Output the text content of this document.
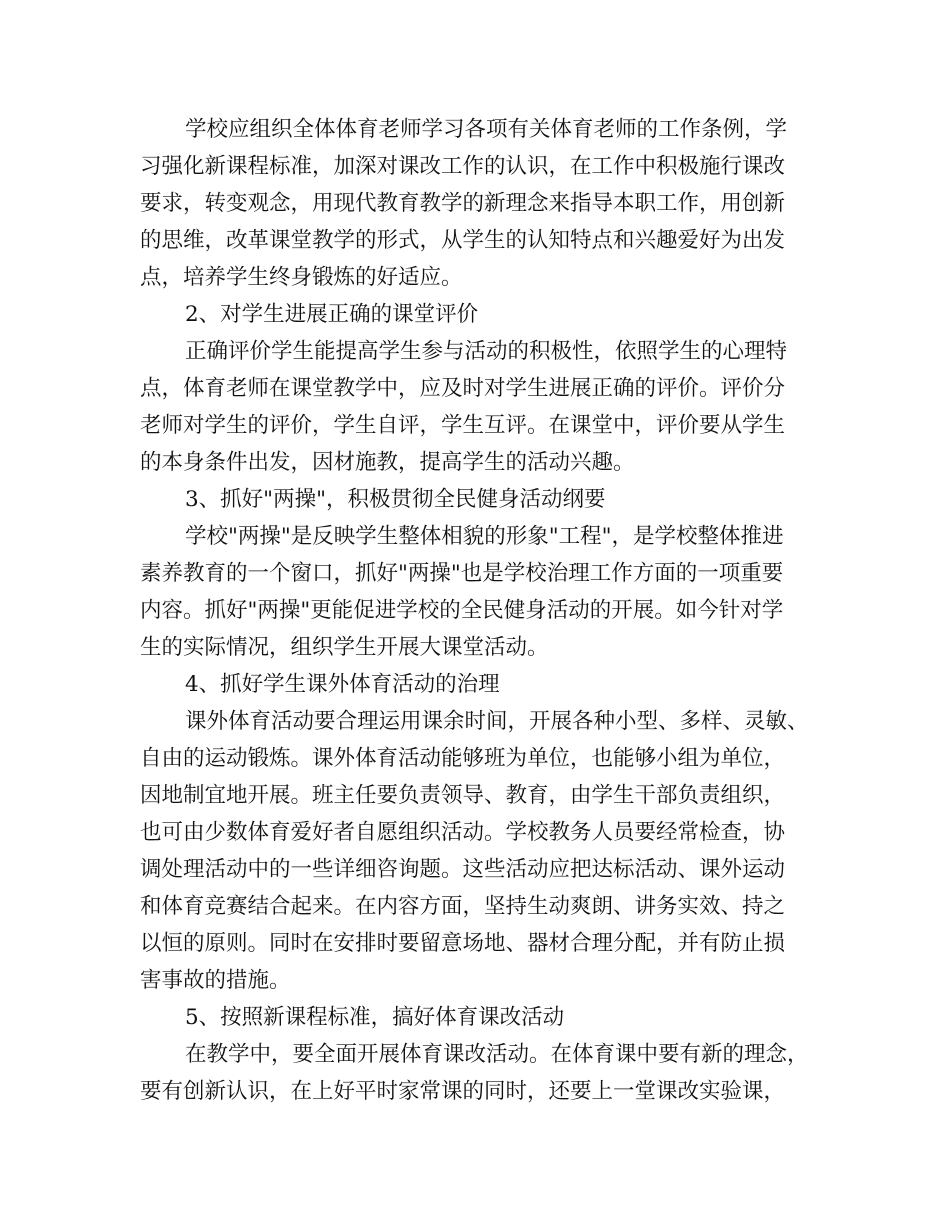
学校应组织全体体育老师学习各项有关体育老师的工作条例，学

习强化新课程标准，加深对课改工作的认识，在工作中积极施行课改

要求，转变观念，用现代教育教学的新理念来指导本职工作，用创新

的思维，改革课堂教学的形式，从学生的认知特点和兴趣爱好为出发

点，培养学生终身锻炼的好适应。

2、对学生进展正确的课堂评价

正确评价学生能提高学生参与活动的积极性，依照学生的心理特

点，体育老师在课堂教学中，应及时对学生进展正确的评价。评价分

老师对学生的评价，学生自评，学生互评。在课堂中，评价要从学生

的本身条件出发，因材施教，提高学生的活动兴趣。

3、抓好"两操"，积极贯彻全民健身活动纲要

学校"两操"是反映学生整体相貌的形象"工程"，是学校整体推进

素养教育的一个窗口，抓好"两操"也是学校治理工作方面的一项重要

内容。抓好"两操"更能促进学校的全民健身活动的开展。如今针对学

生的实际情况，组织学生开展大课堂活动。

4、抓好学生课外体育活动的治理

课外体育活动要合理运用课余时间，开展各种小型、多样、灵敏、

自由的运动锻炼。课外体育活动能够班为单位，也能够小组为单位，

因地制宜地开展。班主任要负责领导、教育，由学生干部负责组织，

也可由少数体育爱好者自愿组织活动。学校教务人员要经常检查，协

调处理活动中的一些详细咨询题。这些活动应把达标活动、课外运动

和体育竞赛结合起来。在内容方面，坚持生动爽朗、讲务实效、持之

以恒的原则。同时在安排时要留意场地、器材合理分配，并有防止损

害事故的措施。

5、按照新课程标准，搞好体育课改活动

在教学中，要全面开展体育课改活动。在体育课中要有新的理念，

要有创新认识，在上好平时家常课的同时，还要上一堂课改实验课，
